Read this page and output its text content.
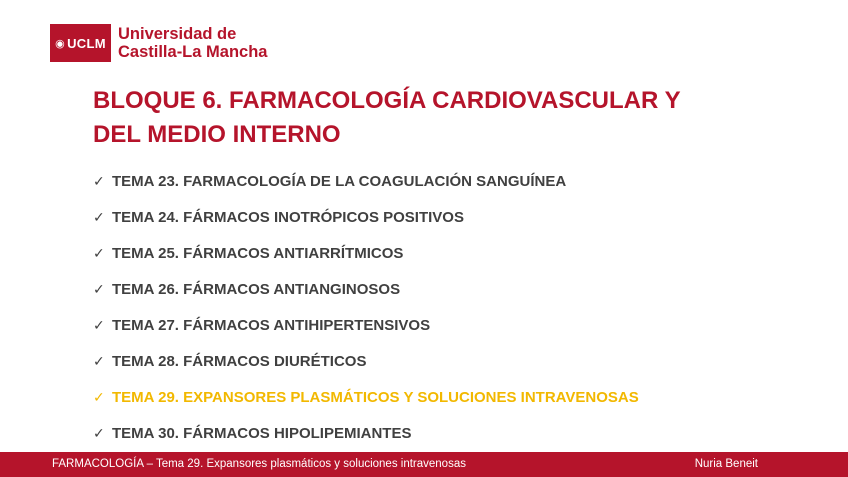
◉ UCLM Universidad de
Castilla-La Mancha
BLOQUE 6. FARMACOLOGÍA CARDIOVASCULAR Y
DEL MEDIO INTERNO
✓ TEMA 23. FARMACOLOGÍA DE LA COAGULACIÓN SANGUÍNEA
✓ TEMA 24. FÁRMACOS INOTRÓPICOS POSITIVOS
✓ TEMA 25. FÁRMACOS ANTIARRÍTMICOS
✓ TEMA 26. FÁRMACOS ANTIANGINOSOS
✓ TEMA 27. FÁRMACOS ANTIHIPERTENSIVOS
✓ TEMA 28. FÁRMACOS DIURÉTICOS
✓ TEMA 29. EXPANSORES PLASMÁTICOS Y SOLUCIONES INTRAVENOSAS
✓ TEMA 30. FÁRMACOS HIPOLIPEMIANTES
FARMACOLOGÍA – Tema 29. Expansores plasmáticos y soluciones intravenosas	Nuria Beneit
